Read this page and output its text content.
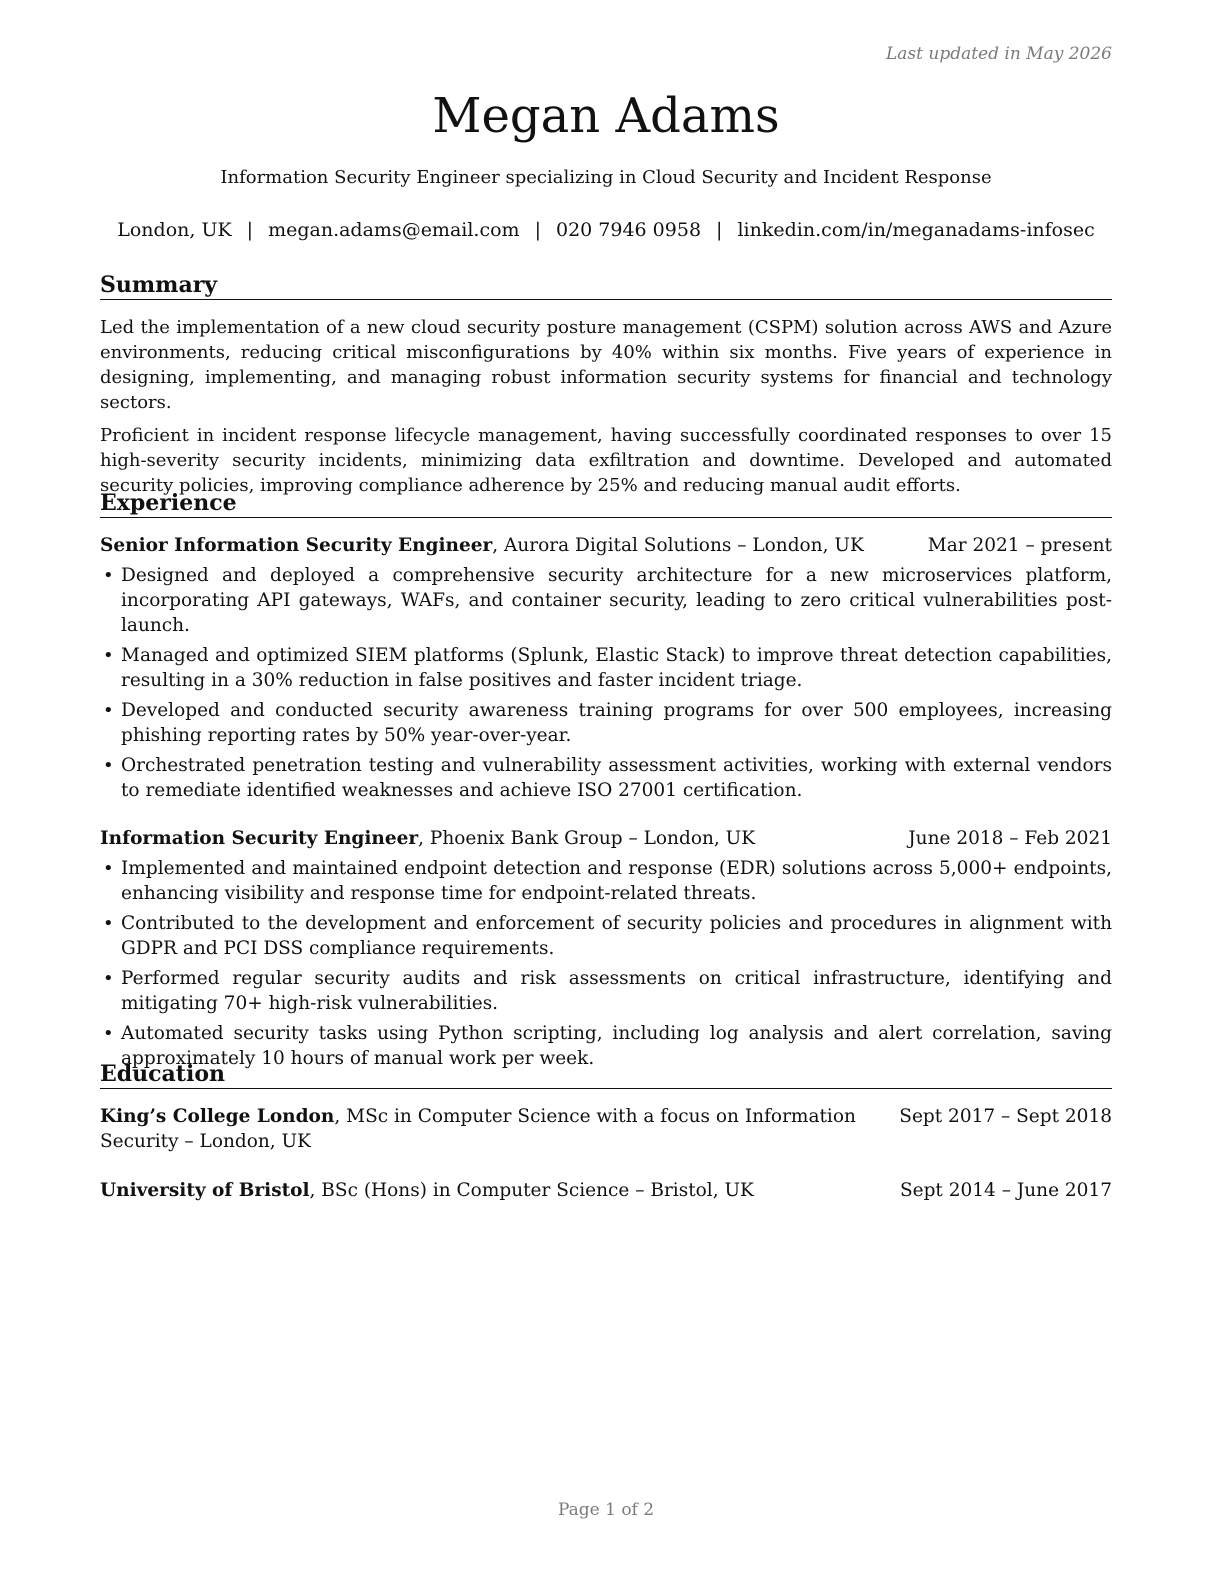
Last updated in May 2026
Megan Adams
Information Security Engineer specializing in Cloud Security and Incident Response
London, UK | megan.adams@email.com | 020 7946 0958 | linkedin.com/in/meganadams-infosec
Summary

Led the implementation of a new cloud security posture management (CSPM) solution across AWS and Azure environments, reducing critical misconfigurations by 40% within six months. Five years of experience in designing, implementing, and managing robust information security systems for financial and technology sectors.

Proficient in incident response lifecycle management, having successfully coordinated responses to over 15 high-severity security incidents, minimizing data exfiltration and downtime. Developed and automated security policies, improving compliance adherence by 25% and reducing manual audit efforts.

Experience
Senior Information Security Engineer, Aurora Digital Solutions – London, UK	Mar 2021 – present
• Designed and deployed a comprehensive security architecture for a new microservices platform, incorporating API gateways, WAFs, and container security, leading to zero critical vulnerabilities post-launch.
• Managed and optimized SIEM platforms (Splunk, Elastic Stack) to improve threat detection capabilities, resulting in a 30% reduction in false positives and faster incident triage.
• Developed and conducted security awareness training programs for over 500 employees, increasing phishing reporting rates by 50% year-over-year.
• Orchestrated penetration testing and vulnerability assessment activities, working with external vendors to remediate identified weaknesses and achieve ISO 27001 certification.
Information Security Engineer, Phoenix Bank Group – London, UK	June 2018 – Feb 2021
• Implemented and maintained endpoint detection and response (EDR) solutions across 5,000+ endpoints, enhancing visibility and response time for endpoint-related threats.
• Contributed to the development and enforcement of security policies and procedures in alignment with GDPR and PCI DSS compliance requirements.
• Performed regular security audits and risk assessments on critical infrastructure, identifying and mitigating 70+ high-risk vulnerabilities.
• Automated security tasks using Python scripting, including log analysis and alert correlation, saving approximately 10 hours of manual work per week.
Education
King’s College London, MSc in Computer Science with a focus on Information Security – London, UK
Sept 2017 – Sept 2018
University of Bristol, BSc (Hons) in Computer Science – Bristol, UK	Sept 2014 – June 2017
Page 1 of 2
